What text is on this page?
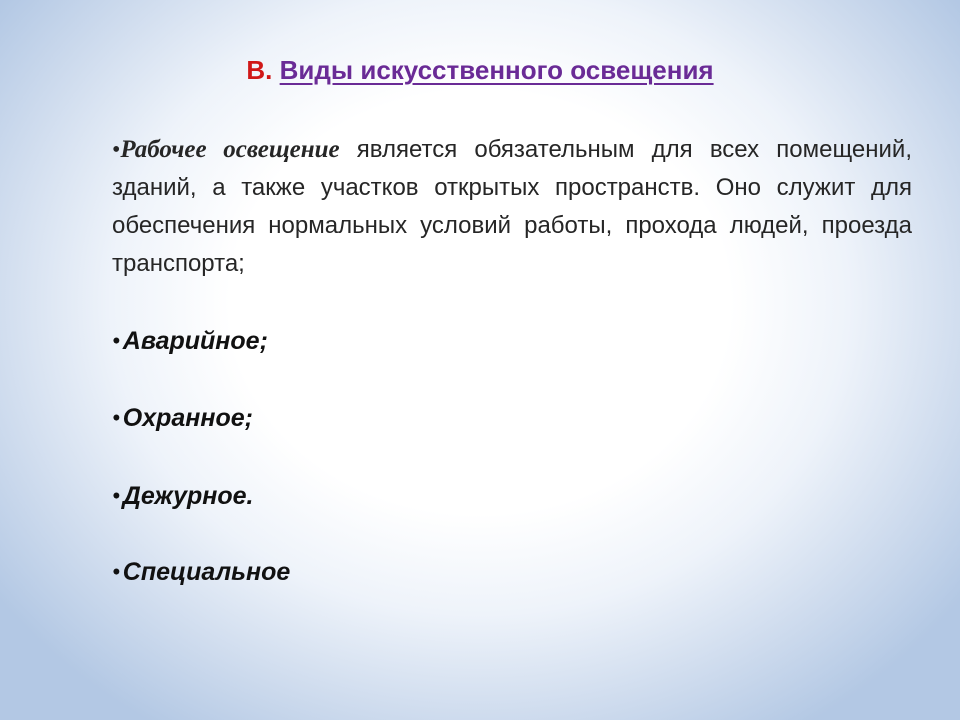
В. Виды искусственного освещения

•Рабочее освещение является обязательным для всех помещений, зданий, а также участков открытых пространств. Оно служит для обеспечения нормальных условий работы, прохода людей, проезда транспорта;

•Аварийное;

•Охранное;

•Дежурное.

•Специальное
